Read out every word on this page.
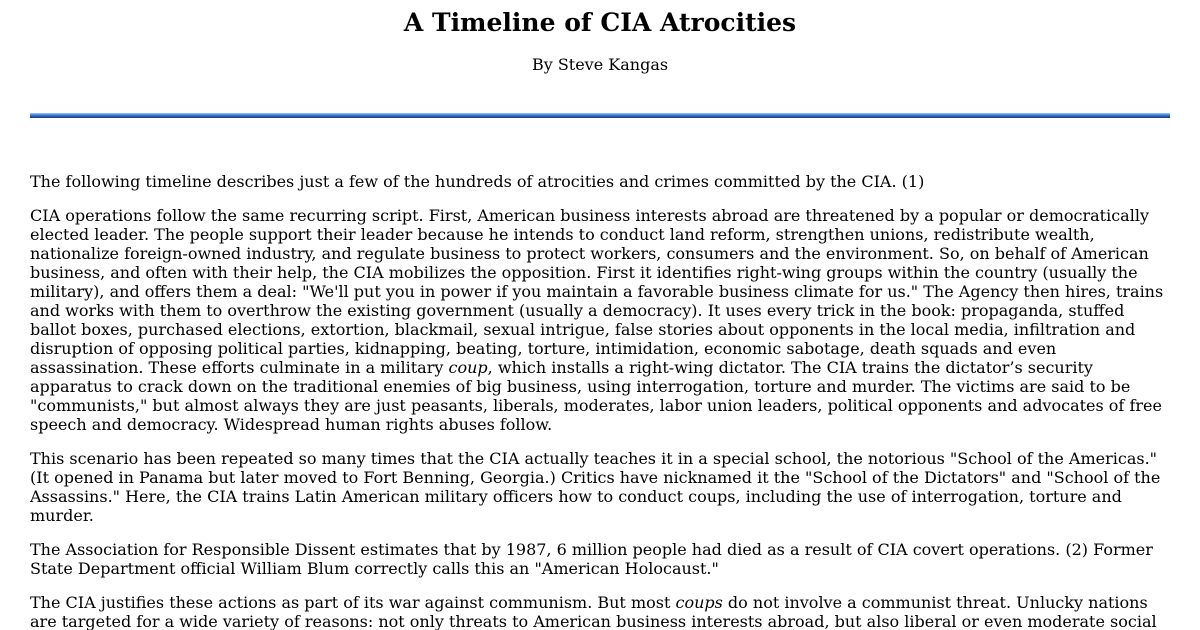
A Timeline of CIA Atrocities
By Steve Kangas

The following timeline describes just a few of the hundreds of atrocities and crimes committed by the CIA. (1)

CIA operations follow the same recurring script. First, American business interests abroad are threatened by a popular or democratically elected leader. The people support their leader because he intends to conduct land reform, strengthen unions, redistribute wealth, nationalize foreign-owned industry, and regulate business to protect workers, consumers and the environment. So, on behalf of American business, and often with their help, the CIA mobilizes the opposition. First it identifies right-wing groups within the country (usually the military), and offers them a deal: "We'll put you in power if you maintain a favorable business climate for us." The Agency then hires, trains and works with them to overthrow the existing government (usually a democracy). It uses every trick in the book: propaganda, stuffed ballot boxes, purchased elections, extortion, blackmail, sexual intrigue, false stories about opponents in the local media, infiltration and disruption of opposing political parties, kidnapping, beating, torture, intimidation, economic sabotage, death squads and even assassination. These efforts culminate in a military coup, which installs a right-wing dictator. The CIA trains the dictator’s security apparatus to crack down on the traditional enemies of big business, using interrogation, torture and murder. The victims are said to be "communists," but almost always they are just peasants, liberals, moderates, labor union leaders, political opponents and advocates of free speech and democracy. Widespread human rights abuses follow.

This scenario has been repeated so many times that the CIA actually teaches it in a special school, the notorious "School of the Americas." (It opened in Panama but later moved to Fort Benning, Georgia.) Critics have nicknamed it the "School of the Dictators" and "School of the Assassins." Here, the CIA trains Latin American military officers how to conduct coups, including the use of interrogation, torture and murder.

The Association for Responsible Dissent estimates that by 1987, 6 million people had died as a result of CIA covert operations. (2) Former State Department official William Blum correctly calls this an "American Holocaust."

The CIA justifies these actions as part of its war against communism. But most coups do not involve a communist threat. Unlucky nations are targeted for a wide variety of reasons: not only threats to American business interests abroad, but also liberal or even moderate social
